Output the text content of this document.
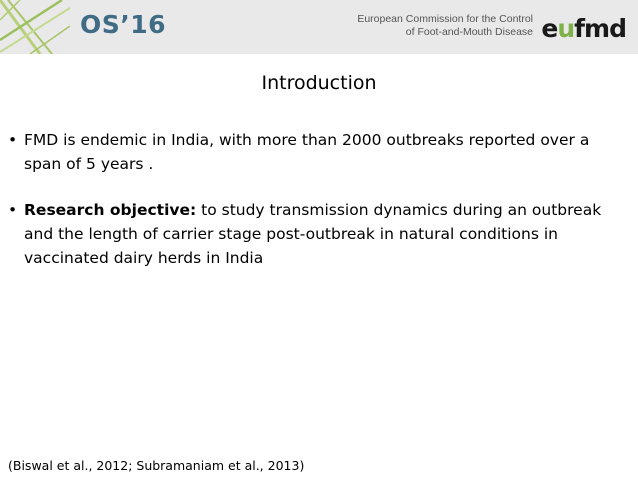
OS’16	European Commission for the Control
of Foot-and-Mouth Disease eufmd
Introduction
• FMD is endemic in India, with more than 2000 outbreaks reported over a span of 5 years .
• Research objective: to study transmission dynamics during an outbreak and the length of carrier stage post-outbreak in natural conditions in vaccinated dairy herds in India
(Biswal et al., 2012; Subramaniam et al., 2013)
